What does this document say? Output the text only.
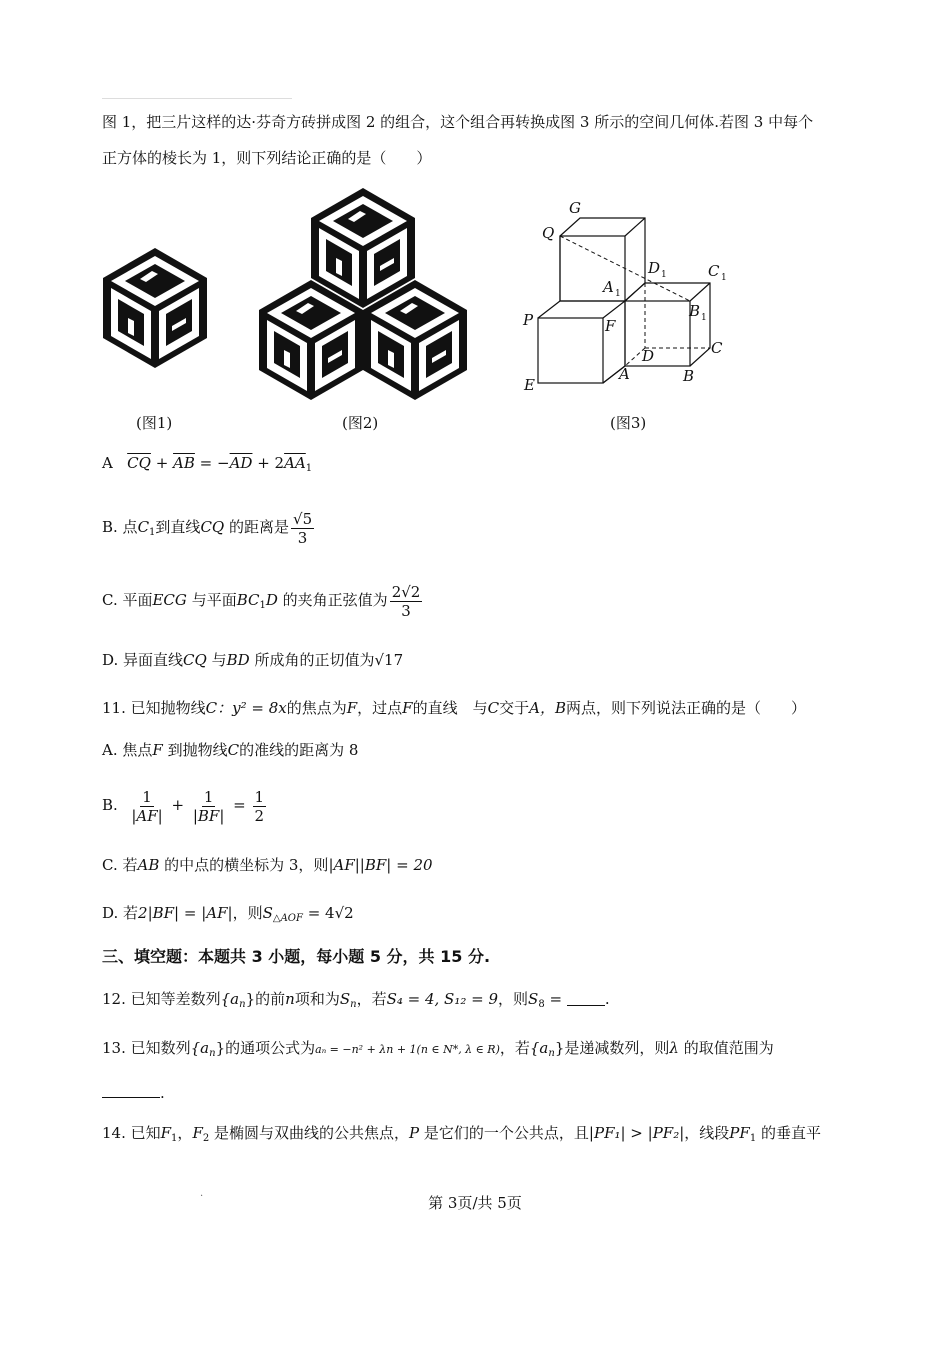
图 1，把三片这样的达·芬奇方砖拼成图 2 的组合，这个组合再转换成图 3 所示的空间几何体.若图 3 中每个
正方体的棱长为 1，则下列结论正确的是（　　）
G
Q
D 1	C 1
A 1
B 1
P	F
C
D
A	B
E
(图1)	(图2)	(图3)
A $\overline{CQ} + \overline{AB} = -\overline{AD} + 2\overline{AA}_1$
B. 点$C_1$到直线CQ 的距离是 $\frac{√5}{3}$
C. 平面ECG 与平面$BC_1D$ 的夹角正弦值为 $\frac{2√2}{3}$
D. 异面直线CQ 与BD 所成角的正切值为√17
11. 已知抛物线C：y² = 8x的焦点为F，过点F的直线　与C交于A，B两点，则下列说法正确的是（　　）
A. 焦点F 到抛物线C的准线的距离为 8
B. $\frac{1}{|AF|} + \frac{1}{|BF|} = \frac{1}{2}$
C. 若AB 的中点的横坐标为 3，则|AF||BF| = 20
D. 若2|BF| = |AF|，则$S_{\triangle AOF} = 4√2$
三、填空题：本题共 3 小题，每小题 5 分，共 15 分.
12. 已知等差数列$\{a_n\}$的前n项和为$S_n$，若S₄ = 4, S₁₂ = 9，则$S_8$ =	.
13. 已知数列$\{a_n\}$的通项公式为aₙ = −n² + λn + 1(n ∈ N*, λ ∈ R)，若$\{a_n\}$是递减数列，则λ 的取值范围为
.
14. 已知$F_1$，$F_2$ 是椭圆与双曲线的公共焦点，P 是它们的一个公共点，且|PF₁| > |PF₂|，线段$PF_1$ 的垂直平
.
第 3页/共 5页
